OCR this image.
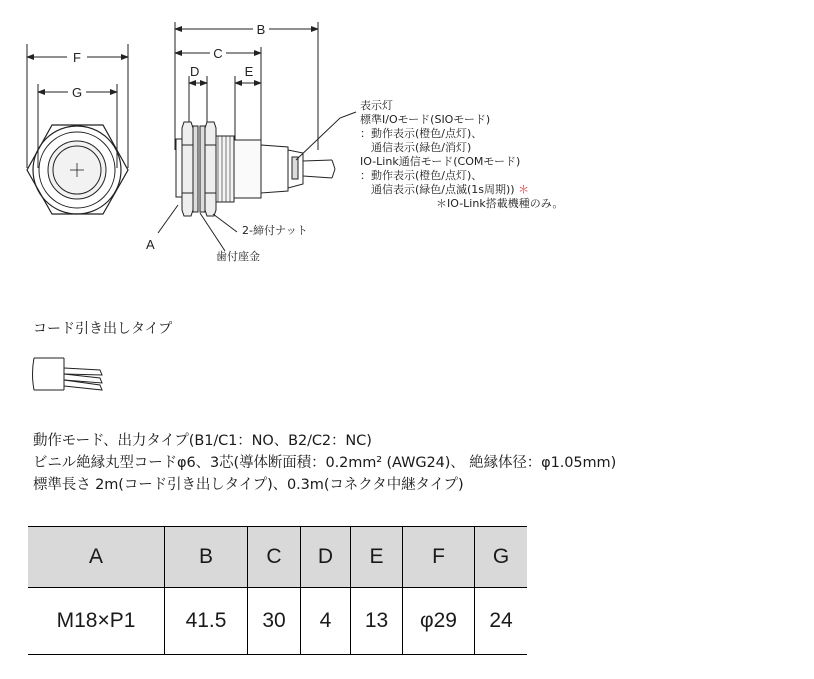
F
G
B
C
D	E
A
2-締付ナット
歯付座金
表示灯
標準I/Oモード(SIOモード)
：動作表示(橙色/点灯)、
　通信表示(緑色/消灯)
IO-Link通信モード(COMモード)
：動作表示(橙色/点灯)、
　通信表示(緑色/点滅(1s周期)) ＊
＊IO-Link搭載機種のみ。
コード引き出しタイプ
動作モード、出力タイプ(B1/C1：NO、B2/C2：NC)
ビニル絶縁丸型コードφ6、3芯(導体断面積：0.2mm² (AWG24)、 絶縁体径：φ1.05mm)
標準長さ 2m(コード引き出しタイプ)、0.3m(コネクタ中継タイプ)
A	B	C	D	E	F	G
M18×P1	41.5	30	4	13	φ29	24
